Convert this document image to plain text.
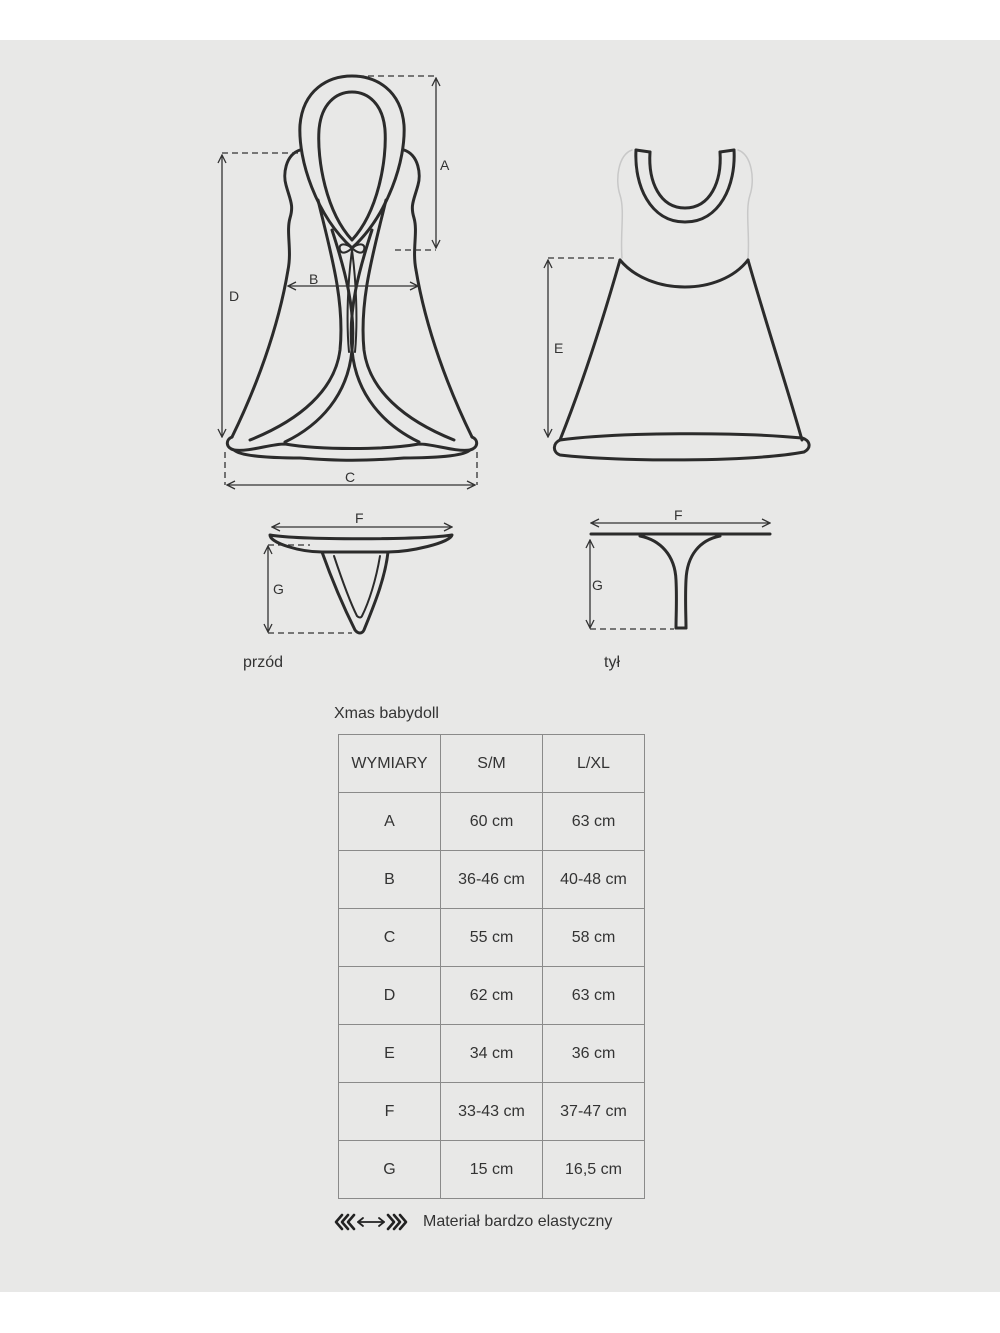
A
D
B
C
E
F
G
F
G
przód	tył
Xmas babydoll
WYMIARY	S/M	L/XL
A	60 cm	63 cm
B	36-46 cm	40-48 cm
C	55 cm	58 cm
D	62 cm	63 cm
E	34 cm	36 cm
F	33-43 cm	37-47 cm
G	15 cm	16,5 cm
Materiał bardzo elastyczny
